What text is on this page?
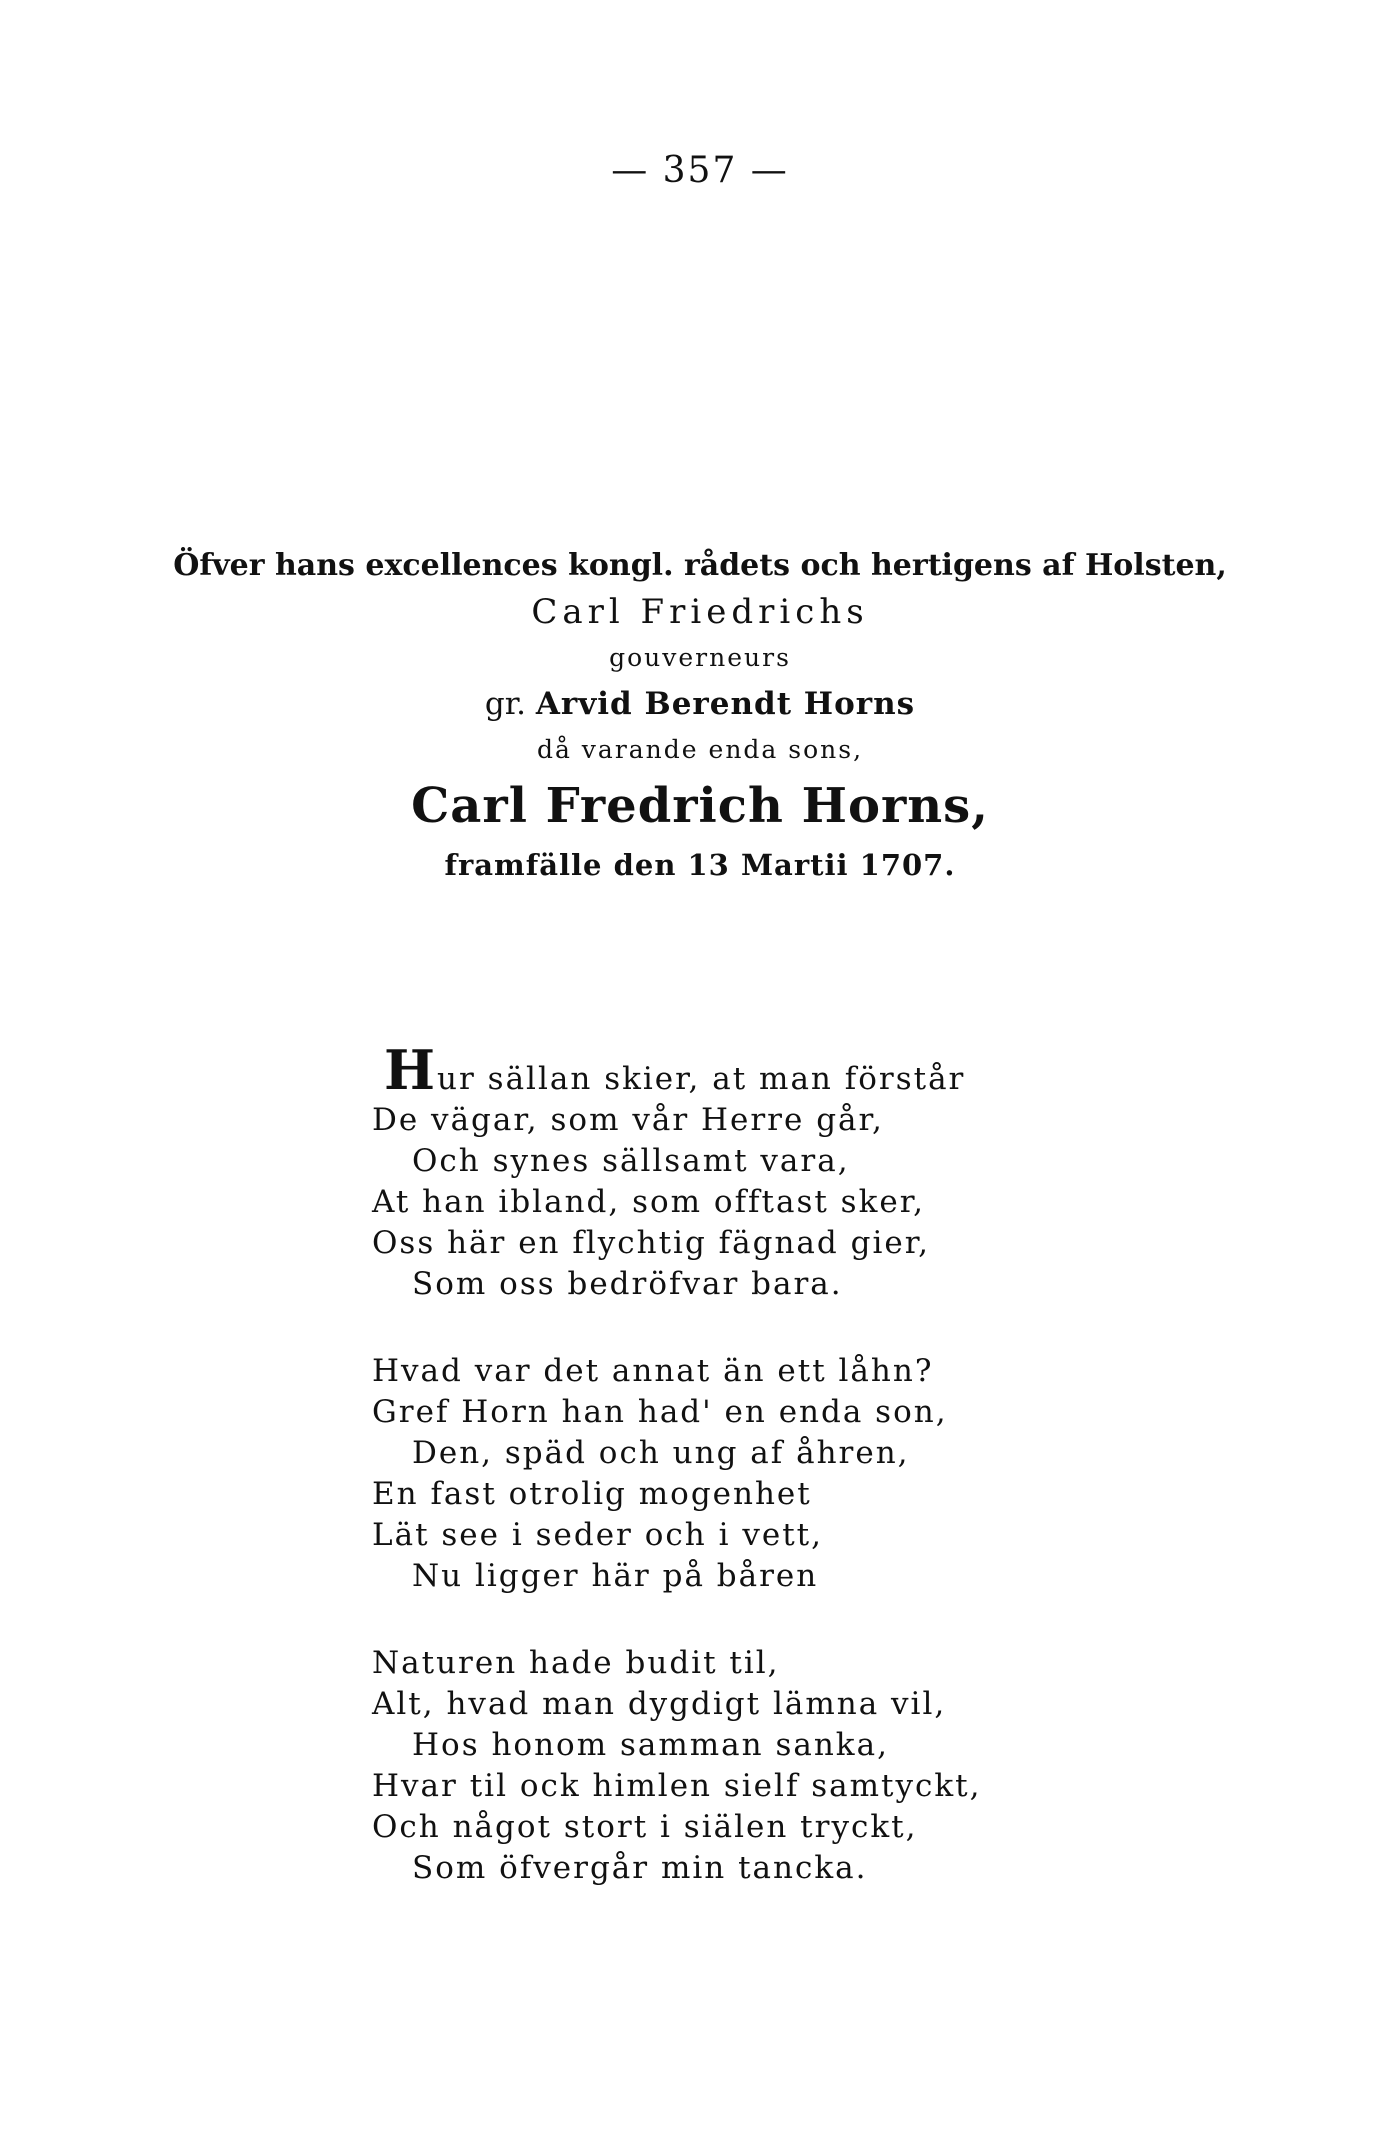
— 357 —
Öfver hans excellences kongl. rådets och hertigens af Holsten,
Carl Friedrichs
gouverneurs
gr. Arvid Berendt Horns
då varande enda sons,
Carl Fredrich Horns,
framfälle den 13 Martii 1707.
Hur sällan skier, at man förstår
De vägar, som vår Herre går,
Och synes sällsamt vara,
At han ibland, som offtast sker,
Oss här en flychtig fägnad gier,
Som oss bedröfvar bara.
Hvad var det annat än ett låhn?
Gref Horn han had' en enda son,
Den, späd och ung af åhren,
En fast otrolig mogenhet
Lät see i seder och i vett,
Nu ligger här på båren
Naturen hade budit til,
Alt, hvad man dygdigt lämna vil,
Hos honom samman sanka,
Hvar til ock himlen sielf samtyckt,
Och något stort i siälen tryckt,
Som öfvergår min tancka.
